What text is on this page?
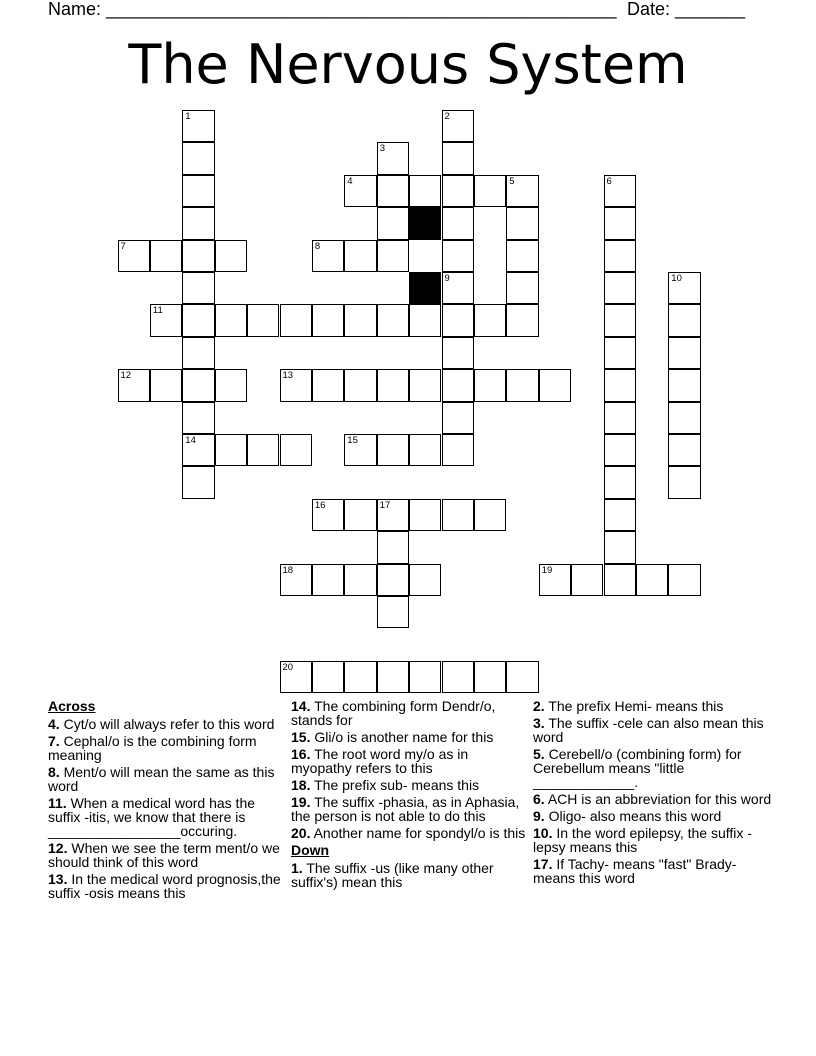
Name: ___________________________________________________ Date: _______
The Nervous System
1
14
2
9
3
4	5	6
7	8
10
11
12	13
15
16	17
18	19
20
Across
4. Cyt/o will always refer to this word
7. Cephal/o is the combining form meaning
8. Ment/o will mean the same as this word
11. When a medical word has the suffix -itis, we know that there is _________________occuring.
12. When we see the term ment/o we should think of this word
13. In the medical word prognosis,the suffix -osis means this
14. The combining form Dendr/o, stands for
15. Gli/o is another name for this
16. The root word my/o as in myopathy refers to this
18. The prefix sub- means this
19. The suffix -phasia, as in Aphasia, the person is not able to do this
20. Another name for spondyl/o is this
Down
1. The suffix -us (like many other suffix's) mean this
2. The prefix Hemi- means this
3. The suffix -cele can also mean this word
5. Cerebell/o (combining form) for Cerebellum means "little _____________.
6. ACH is an abbreviation for this word
9. Oligo- also means this word
10. In the word epilepsy, the suffix -lepsy means this
17. If Tachy- means "fast" Brady- means this word
